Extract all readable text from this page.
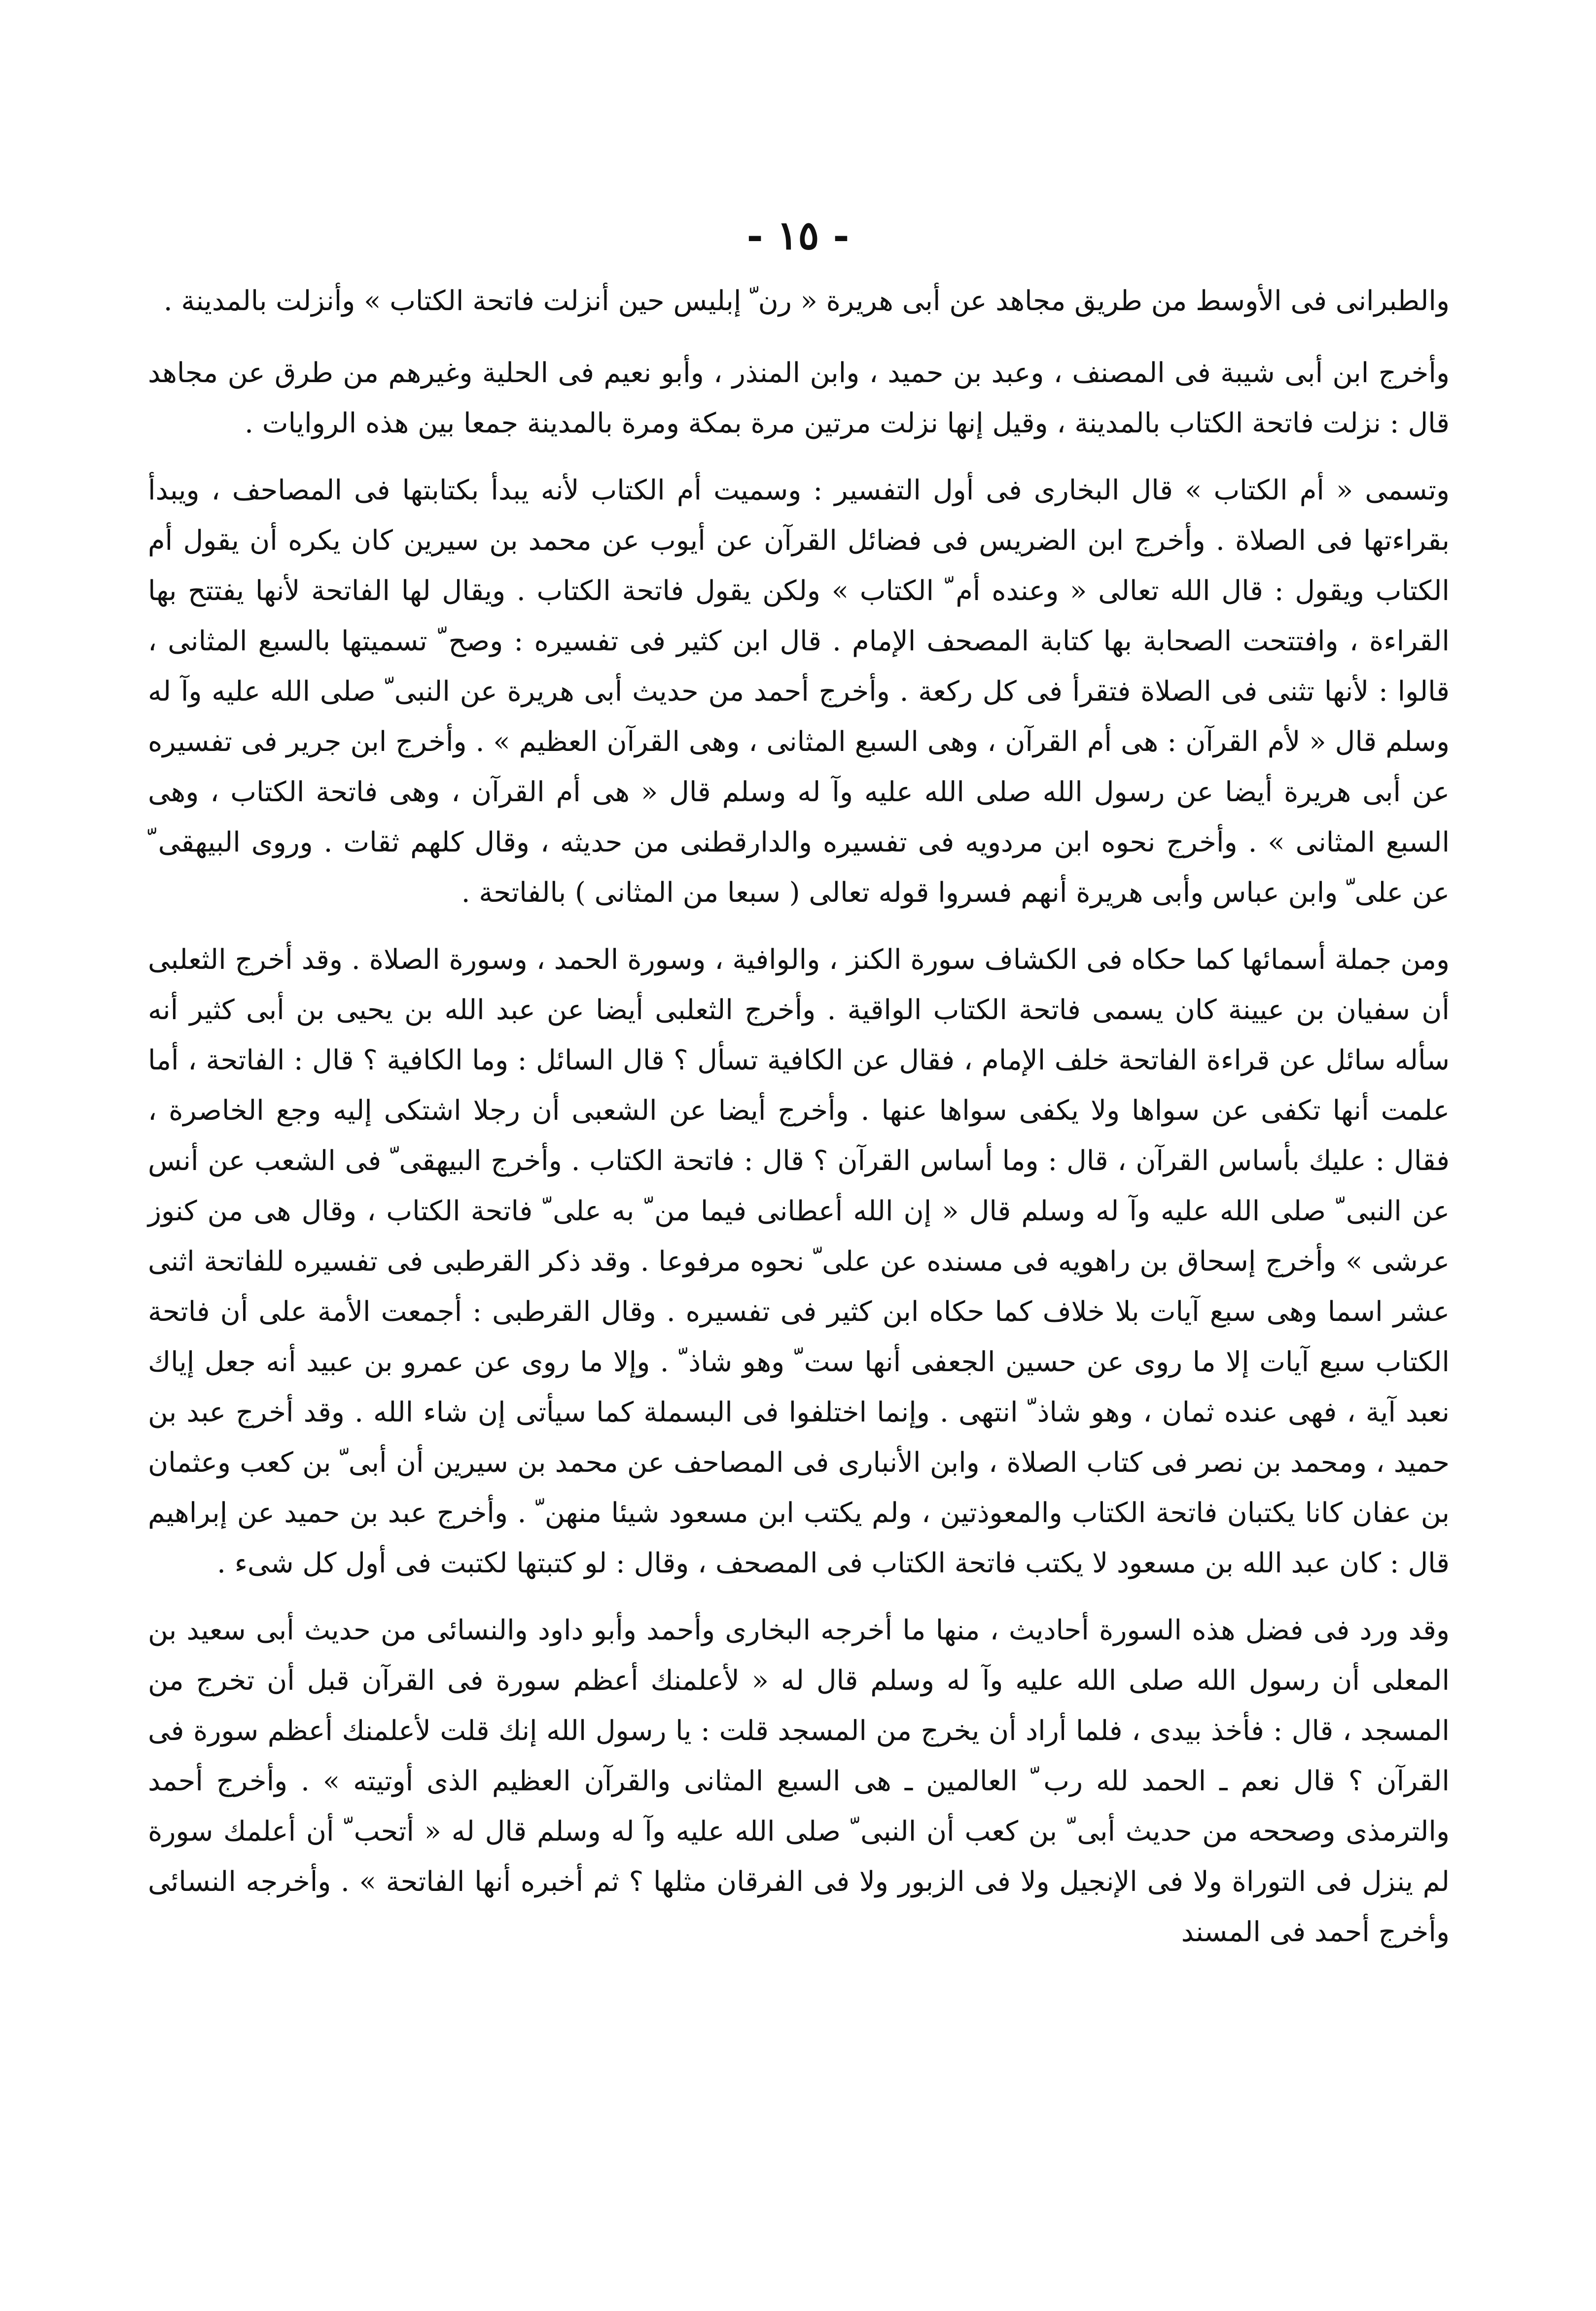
- ١٥ -

والطبرانى فى الأوسط من طريق مجاهد عن أبى هريرة « رن ّ إبليس حين أنزلت فاتحة الكتاب » وأنزلت بالمدينة .

وأخرج ابن أبى شيبة فى المصنف ، وعبد بن حميد ، وابن المنذر ، وأبو نعيم فى الحلية وغيرهم من طرق عن مجاهد قال : نزلت فاتحة الكتاب بالمدينة ، وقيل إنها نزلت مرتين مرة بمكة ومرة بالمدينة جمعا بين هذه الروايات .

وتسمى « أم الكتاب » قال البخارى فى أول التفسير : وسميت أم الكتاب لأنه يبدأ بكتابتها فى المصاحف ، ويبدأ بقراءتها فى الصلاة . وأخرج ابن الضريس فى فضائل القرآن عن أيوب عن محمد بن سيرين كان يكره أن يقول أم الكتاب ويقول : قال الله تعالى « وعنده أم ّ الكتاب » ولكن يقول فاتحة الكتاب . ويقال لها الفاتحة لأنها يفتتح بها القراءة ، وافتتحت الصحابة بها كتابة المصحف الإمام . قال ابن كثير فى تفسيره : وصح ّ تسميتها بالسبع المثانى ، قالوا : لأنها تثنى فى الصلاة فتقرأ فى كل ركعة . وأخرج أحمد من حديث أبى هريرة عن النبى ّ صلى الله عليه وآ له وسلم قال « لأم القرآن : هى أم القرآن ، وهى السبع المثانى ، وهى القرآن العظيم » . وأخرج ابن جرير فى تفسيره عن أبى هريرة أيضا عن رسول الله صلى الله عليه وآ له وسلم قال « هى أم القرآن ، وهى فاتحة الكتاب ، وهى السبع المثانى » . وأخرج نحوه ابن مردويه فى تفسيره والدارقطنى من حديثه ، وقال كلهم ثقات . وروى البيهقى ّ عن على ّ وابن عباس وأبى هريرة أنهم فسروا قوله تعالى ( سبعا من المثانى ) بالفاتحة .

ومن جملة أسمائها كما حكاه فى الكشاف سورة الكنز ، والوافية ، وسورة الحمد ، وسورة الصلاة . وقد أخرج الثعلبى أن سفيان بن عيينة كان يسمى فاتحة الكتاب الواقية . وأخرج الثعلبى أيضا عن عبد الله بن يحيى بن أبى كثير أنه سأله سائل عن قراءة الفاتحة خلف الإمام ، فقال عن الكافية تسأل ؟ قال السائل : وما الكافية ؟ قال : الفاتحة ، أما علمت أنها تكفى عن سواها ولا يكفى سواها عنها . وأخرج أيضا عن الشعبى أن رجلا اشتكى إليه وجع الخاصرة ، فقال : عليك بأساس القرآن ، قال : وما أساس القرآن ؟ قال : فاتحة الكتاب . وأخرج البيهقى ّ فى الشعب عن أنس عن النبى ّ صلى الله عليه وآ له وسلم قال « إن الله أعطانى فيما من ّ به على ّ فاتحة الكتاب ، وقال هى من كنوز عرشى » وأخرج إسحاق بن راهويه فى مسنده عن على ّ نحوه مرفوعا . وقد ذكر القرطبى فى تفسيره للفاتحة اثنى عشر اسما وهى سبع آيات بلا خلاف كما حكاه ابن كثير فى تفسيره . وقال القرطبى : أجمعت الأمة على أن فاتحة الكتاب سبع آيات إلا ما روى عن حسين الجعفى أنها ست ّ وهو شاذ ّ . وإلا ما روى عن عمرو بن عبيد أنه جعل إياك نعبد آية ، فهى عنده ثمان ، وهو شاذ ّ انتهى . وإنما اختلفوا فى البسملة كما سيأتى إن شاء الله . وقد أخرج عبد بن حميد ، ومحمد بن نصر فى كتاب الصلاة ، وابن الأنبارى فى المصاحف عن محمد بن سيرين أن أبى ّ بن كعب وعثمان بن عفان كانا يكتبان فاتحة الكتاب والمعوذتين ، ولم يكتب ابن مسعود شيئا منهن ّ . وأخرج عبد بن حميد عن إبراهيم قال : كان عبد الله بن مسعود لا يكتب فاتحة الكتاب فى المصحف ، وقال : لو كتبتها لكتبت فى أول كل شىء .

وقد ورد فى فضل هذه السورة أحاديث ، منها ما أخرجه البخارى وأحمد وأبو داود والنسائى من حديث أبى سعيد بن المعلى أن رسول الله صلى الله عليه وآ له وسلم قال له « لأعلمنك أعظم سورة فى القرآن قبل أن تخرج من المسجد ، قال : فأخذ بيدى ، فلما أراد أن يخرج من المسجد قلت : يا رسول الله إنك قلت لأعلمنك أعظم سورة فى القرآن ؟ قال نعم ـ الحمد لله رب ّ العالمين ـ هى السبع المثانى والقرآن العظيم الذى أوتيته » . وأخرج أحمد والترمذى وصححه من حديث أبى ّ بن كعب أن النبى ّ صلى الله عليه وآ له وسلم قال له « أتحب ّ أن أعلمك سورة لم ينزل فى التوراة ولا فى الإنجيل ولا فى الزبور ولا فى الفرقان مثلها ؟ ثم أخبره أنها الفاتحة » . وأخرجه النسائى وأخرج أحمد فى المسند
